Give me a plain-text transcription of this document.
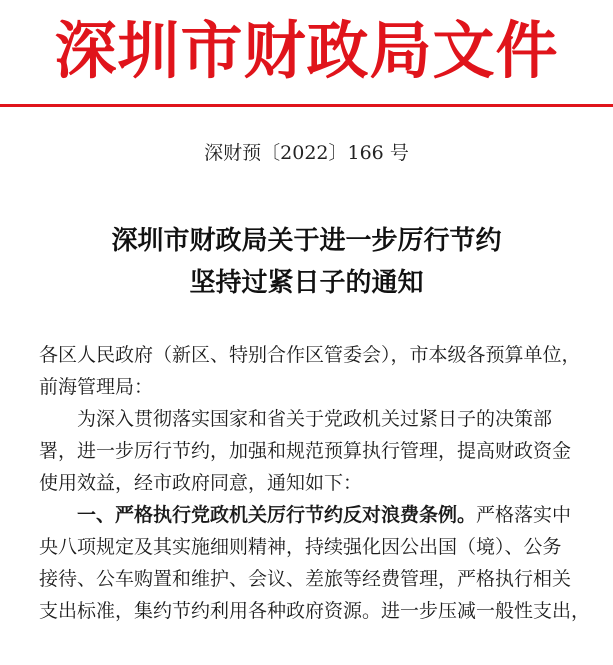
深圳市财政局文件
深财预〔2022〕166 号
深圳市财政局关于进一步厉行节约
坚持过紧日子的通知
各区人民政府（新区、特别合作区管委会），市本级各预算单位，
前海管理局：
为深入贯彻落实国家和省关于党政机关过紧日子的决策部
署，进一步厉行节约，加强和规范预算执行管理，提高财政资金
使用效益，经市政府同意，通知如下：
一、严格执行党政机关厉行节约反对浪费条例。严格落实中
央八项规定及其实施细则精神，持续强化因公出国（境）、公务
接待、公车购置和维护、会议、差旅等经费管理，严格执行相关
支出标准，集约节约利用各种政府资源。进一步压减一般性支出，
